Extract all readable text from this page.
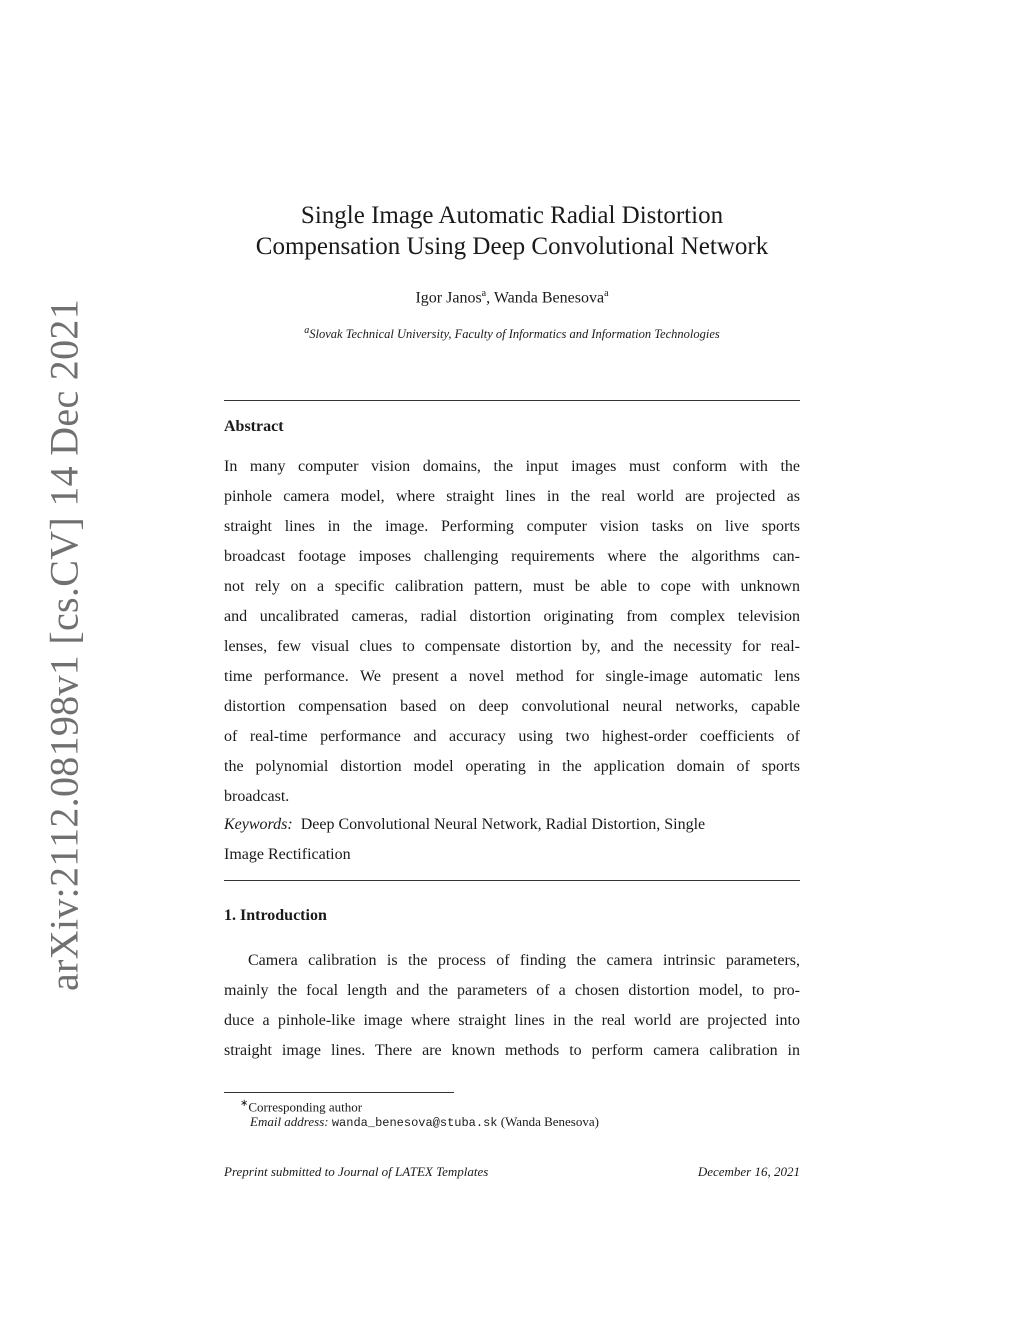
arXiv:2112.08198v1 [cs.CV] 14 Dec 2021
Single Image Automatic Radial Distortion
Compensation Using Deep Convolutional Network
Igor Janos$^a$, Wanda Benesova$^a$
$^a$Slovak Technical University, Faculty of Informatics and Information Technologies
Abstract
In many computer vision domains, the input images must conform with the
pinhole camera model, where straight lines in the real world are projected as
straight lines in the image. Performing computer vision tasks on live sports
broadcast footage imposes challenging requirements where the algorithms can-
not rely on a specific calibration pattern, must be able to cope with unknown
and uncalibrated cameras, radial distortion originating from complex television
lenses, few visual clues to compensate distortion by, and the necessity for real-
time performance. We present a novel method for single-image automatic lens
distortion compensation based on deep convolutional neural networks, capable
of real-time performance and accuracy using two highest-order coefficients of
the polynomial distortion model operating in the application domain of sports
broadcast.
Keywords: Deep Convolutional Neural Network, Radial Distortion, Single
Image Rectification
1. Introduction
Camera calibration is the process of finding the camera intrinsic parameters,
mainly the focal length and the parameters of a chosen distortion model, to pro-
duce a pinhole-like image where straight lines in the real world are projected into
straight image lines. There are known methods to perform camera calibration in
∗Corresponding author
Email address: wanda_benesova@stuba.sk (Wanda Benesova)
Preprint submitted to Journal of LATEX Templates	December 16, 2021
